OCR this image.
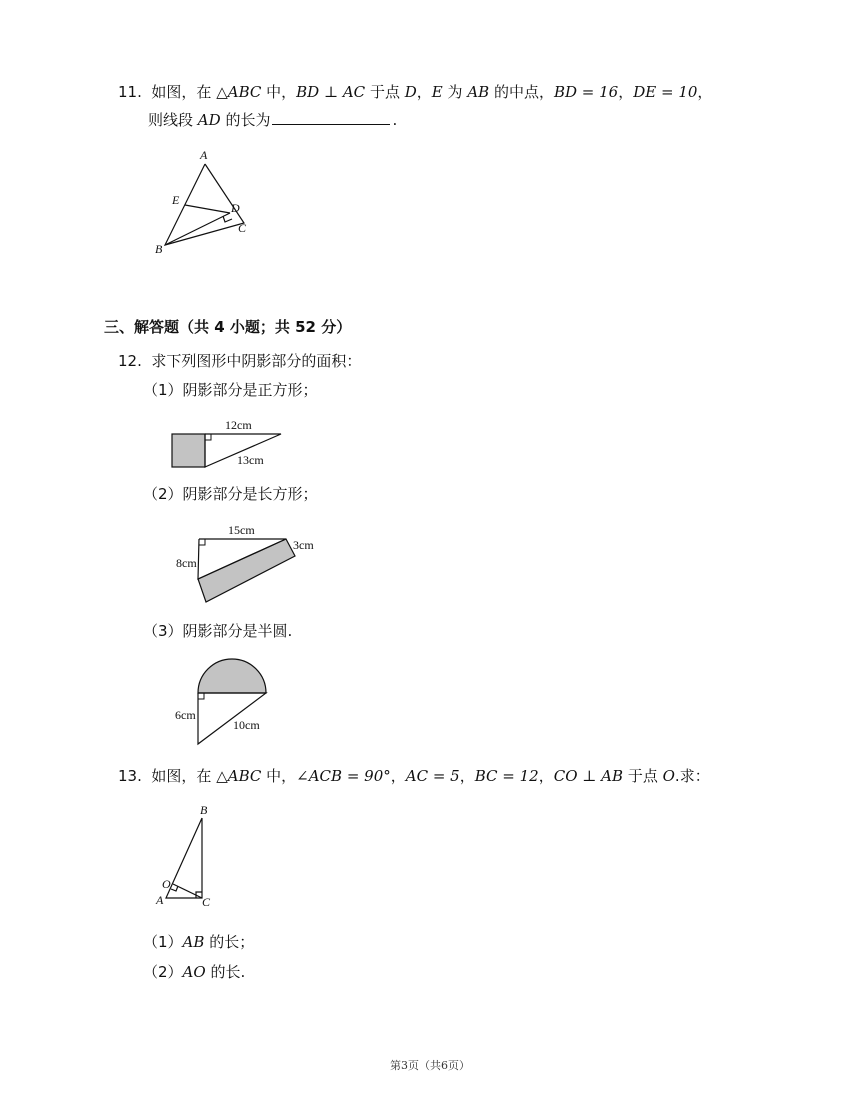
11. 如图，在 △ABC 中，BD ⊥ AC 于点 D，E 为 AB 的中点，BD = 16，DE = 10，
则线段 AD 的长为	.
A
E
D
C
B
三、解答题（共 4 小题；共 52 分）
12. 求下列图形中阴影部分的面积：
（1）阴影部分是正方形；
12cm
13cm
（2）阴影部分是长方形；
15cm
8cm
3cm
（3）阴影部分是半圆.
6cm
10cm
13. 如图，在 △ABC 中，∠ACB = 90°，AC = 5，BC = 12，CO ⊥ AB 于点 O.求：
B
O
A	C
（1）AB 的长；
（2）AO 的长.
第3页（共6页）
